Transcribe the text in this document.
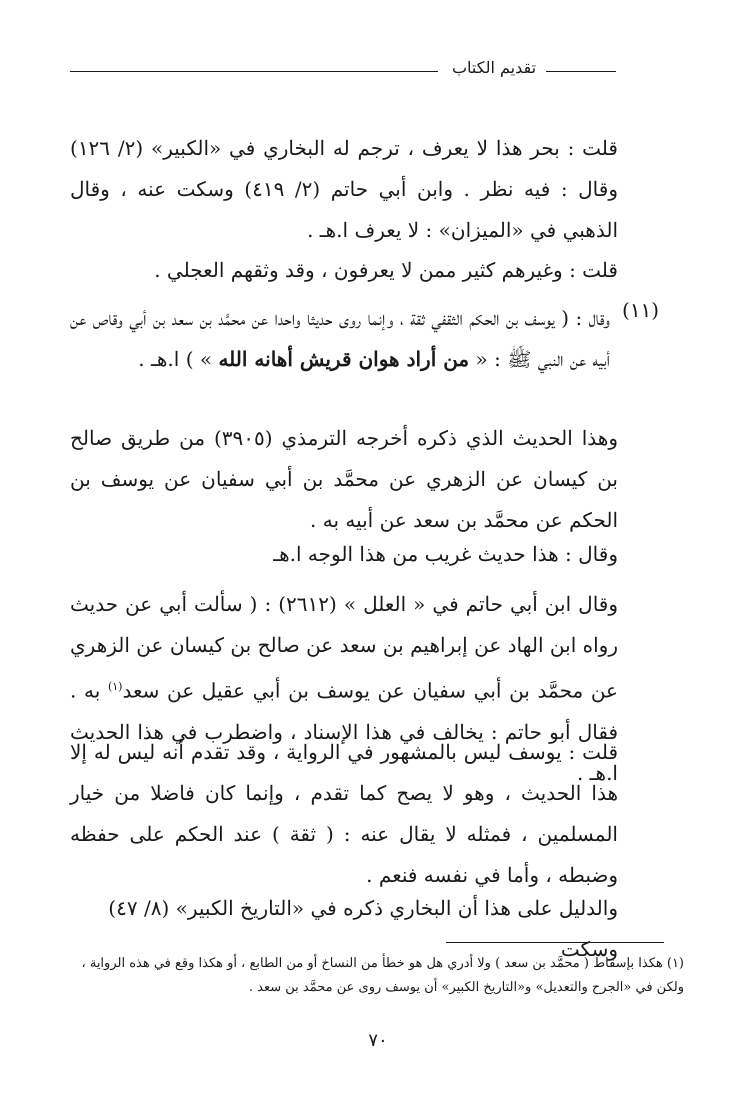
تقديم الكتاب
قلت : بحر هذا لا يعرف ، ترجم له البخاري في «الكبير» (٢/ ١٢٦) وقال : فيه نظر . وابن أبي حاتم (٢/ ٤١٩) وسكت عنه ، وقال الذهبي في «الميزان» : لا يعرف ا.هـ .
قلت : وغيرهم كثير ممن لا يعرفون ، وقد وثقهم العجلي .
(١١)
وقال : ( يوسف بن الحكم الثقفي ثقة ، وإنما روى حديثا واحدا عن محمَّد بن سعد بن أبي وقاص عن أبيه عن النبي ﷺ : « من أراد هوان قريش أهانه الله » ) ا.هـ .
وهذا الحديث الذي ذكره أخرجه الترمذي (٣٩٠٥) من طريق صالح بن كيسان عن الزهري عن محمَّد بن أبي سفيان عن يوسف بن الحكم عن محمَّد بن سعد عن أبيه به .
وقال : هذا حديث غريب من هذا الوجه ا.هـ
وقال ابن أبي حاتم في « العلل » (٢٦١٢) : ( سألت أبي عن حديث رواه ابن الهاد عن إبراهيم بن سعد عن صالح بن كيسان عن الزهري عن محمَّد بن أبي سفيان عن يوسف بن أبي عقيل عن سعد$^{(١)}$ به . فقال أبو حاتم : يخالف في هذا الإسناد ، واضطرب في هذا الحديث ا.هـ .
قلت : يوسف ليس بالمشهور في الرواية ، وقد تقدم أنه ليس له إلا هذا الحديث ، وهو لا يصح كما تقدم ، وإنما كان فاضلا من خيار المسلمين ، فمثله لا يقال عنه : ( ثقة ) عند الحكم على حفظه وضبطه ، وأما في نفسه فنعم .
والدليل على هذا أن البخاري ذكره في «التاريخ الكبير» (٨/ ٤٧) وسكت
(١) هكذا بإسقاط ( محمَّد بن سعد ) ولا أدري هل هو خطأ من النساخ أو من الطابع ، أو هكذا وقع في هذه الرواية ، ولكن في «الجرح والتعديل» و«التاريخ الكبير» أن يوسف روى عن محمَّد بن سعد .
٧٠
